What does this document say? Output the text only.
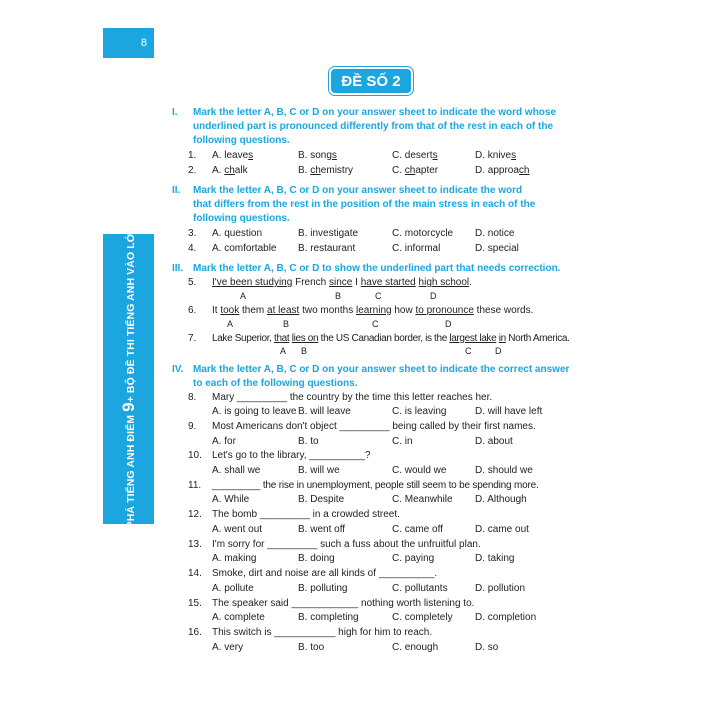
8
ĐỘT PHÁ TIẾNG ANH ĐIỂM 9+ BỘ ĐỀ THI TIẾNG ANH VÀO LỚP 10
ĐỀ SỐ 2
I. Mark the letter A, B, C or D on your answer sheet to indicate the word whose
underlined part is pronounced differently from that of the rest in each of the
following questions.
1. A. leaves	B. songs	C. deserts	D. knives
2. A. chalk	B. chemistry	C. chapter	D. approach
II. Mark the letter A, B, C or D on your answer sheet to indicate the word
that differs from the rest in the position of the main stress in each of the
following questions.
3. A. question	B. investigate	C. motorcycle D. notice
4. A. comfortable B. restaurant	C. informal	D. special
III. Mark the letter A, B, C or D to show the underlined part that needs correction.
5. I've been studying French since I have started high school.
A	B	C	D
6. It took them at least two months learning how to pronounce these words.
A	B	C	D
7. Lake Superior, that lies on the US Canadian border, is the largest lake in North America.
A B	C	D
IV. Mark the letter A, B, C or D on your answer sheet to indicate the correct answer
to each of the following questions.
8. Mary _________ the country by the time this letter reaches her.
A. is going to leave B. will leave	C. is leaving	D. will have left
9. Most Americans don't object _________ being called by their first names.
A. for	B. to	C. in	D. about
10. Let's go to the library, __________?
A. shall we	B. will we	C. would we	D. should we
11. _________ the rise in unemployment, people still seem to be spending more.
A. While	B. Despite	C. Meanwhile D. Although
12. The bomb _________ in a crowded street.
A. went out	B. went off	C. came off	D. came out
13. I'm sorry for _________ such a fuss about the unfruitful plan.
A. making	B. doing	C. paying	D. taking
14. Smoke, dirt and noise are all kinds of __________.
A. pollute	B. polluting	C. pollutants	D. pollution
15. The speaker said ____________ nothing worth listening to.
A. complete	B. completing	C. completely D. completion
16. This switch is ___________ high for him to reach.
A. very	B. too	C. enough	D. so
